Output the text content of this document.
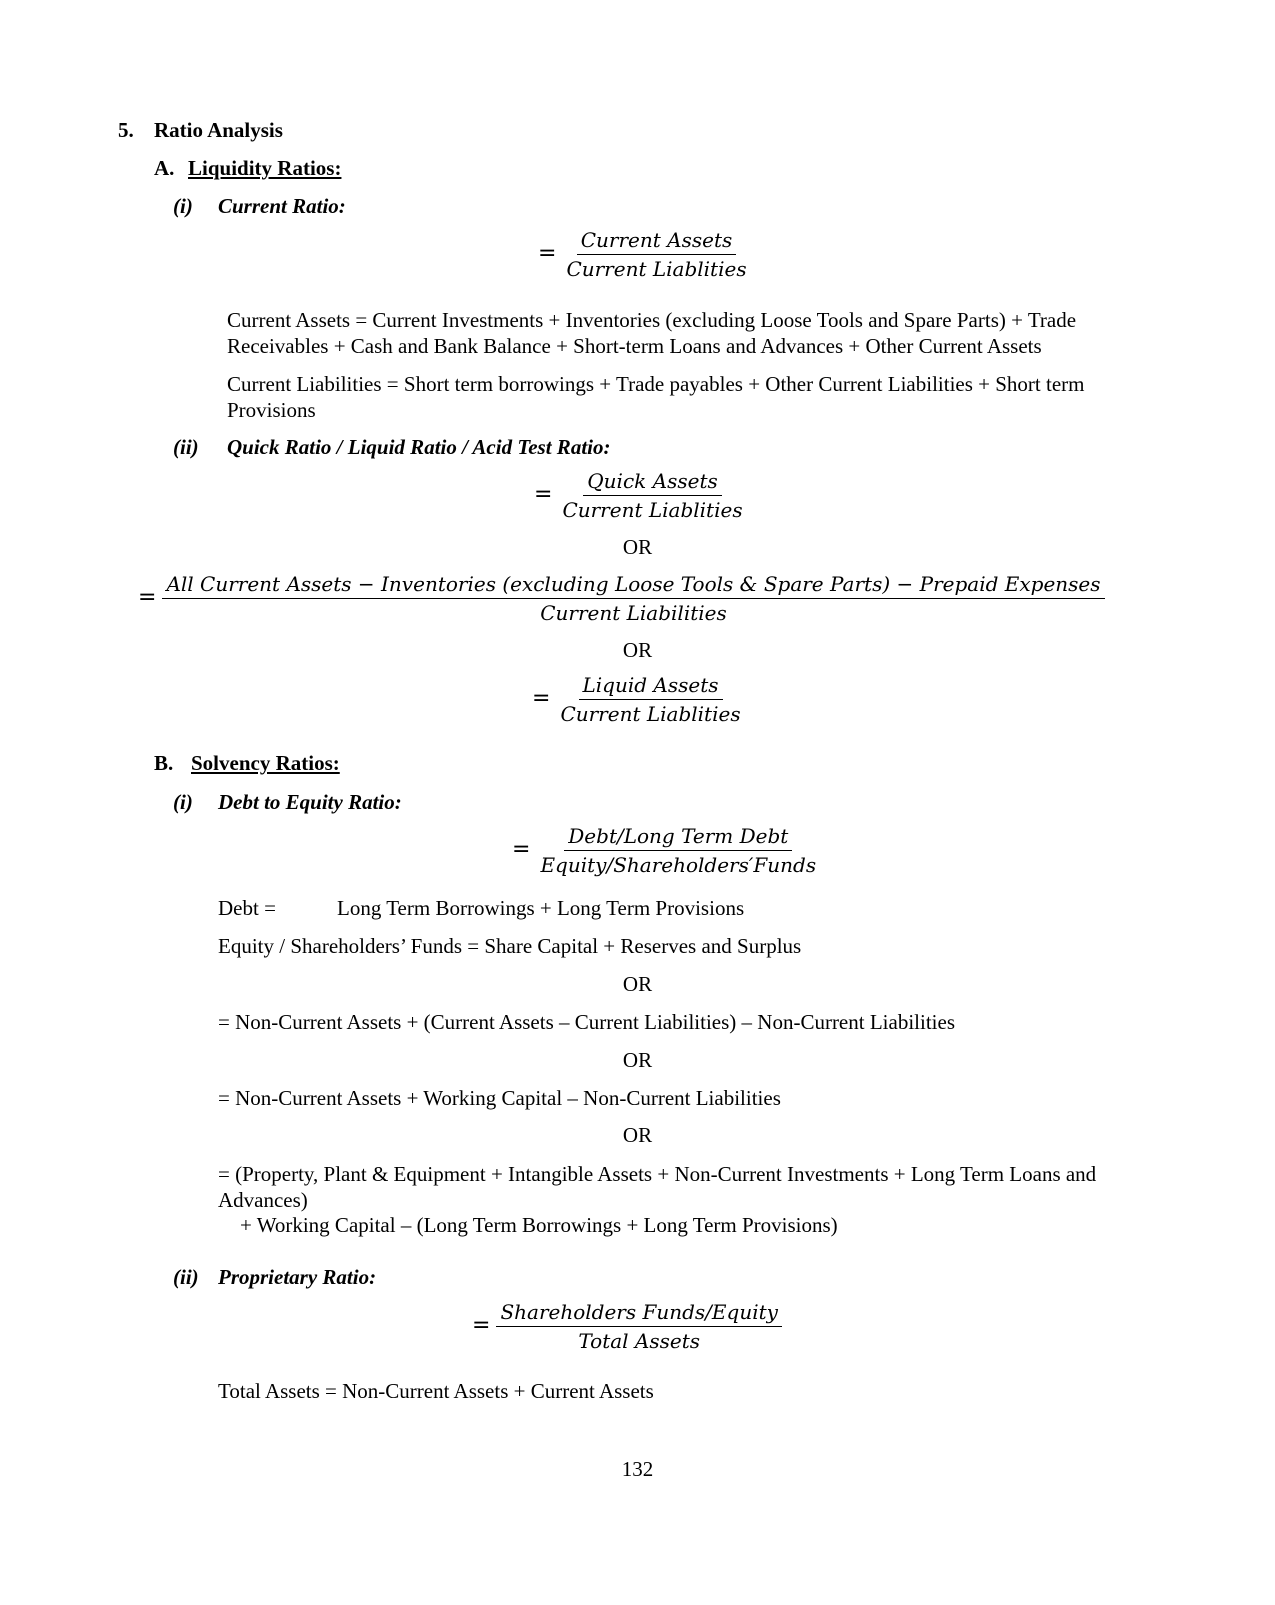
5. Ratio Analysis
A. Liquidity Ratios:
(i) Current Ratio:
= $\frac{\text{Current Assets}}{\text{Current Liablities}}$
Current Assets = Current Investments + Inventories (excluding Loose Tools and Spare Parts) + Trade Receivables + Cash and Bank Balance + Short-term Loans and Advances + Other Current Assets
Current Liabilities = Short term borrowings + Trade payables + Other Current Liabilities + Short term Provisions
(ii) Quick Ratio / Liquid Ratio / Acid Test Ratio:
= $\frac{\text{Quick Assets}}{\text{Current Liablities}}$
OR
=
All Current Assets − Inventories (excluding Loose Tools & Spare Parts) − Prepaid Expenses
Current Liabilities
OR
= $\frac{\text{Liquid Assets}}{\text{Current Liablities}}$
B. Solvency Ratios:
(i) Debt to Equity Ratio:
= $\frac{\text{Debt/Long Term Debt}}{\text{Equity/Shareholders′Funds}}$
Debt =	Long Term Borrowings + Long Term Provisions
Equity / Shareholders’ Funds = Share Capital + Reserves and Surplus
OR
= Non-Current Assets + (Current Assets – Current Liabilities) – Non-Current Liabilities
OR
= Non-Current Assets + Working Capital – Non-Current Liabilities
OR
= (Property, Plant & Equipment + Intangible Assets + Non-Current Investments + Long Term Loans and Advances)
+ Working Capital – (Long Term Borrowings + Long Term Provisions)
(ii) Proprietary Ratio:
= $\frac{\text{Shareholders Funds/Equity}}{\text{Total Assets}}$
Total Assets = Non-Current Assets + Current Assets
132
